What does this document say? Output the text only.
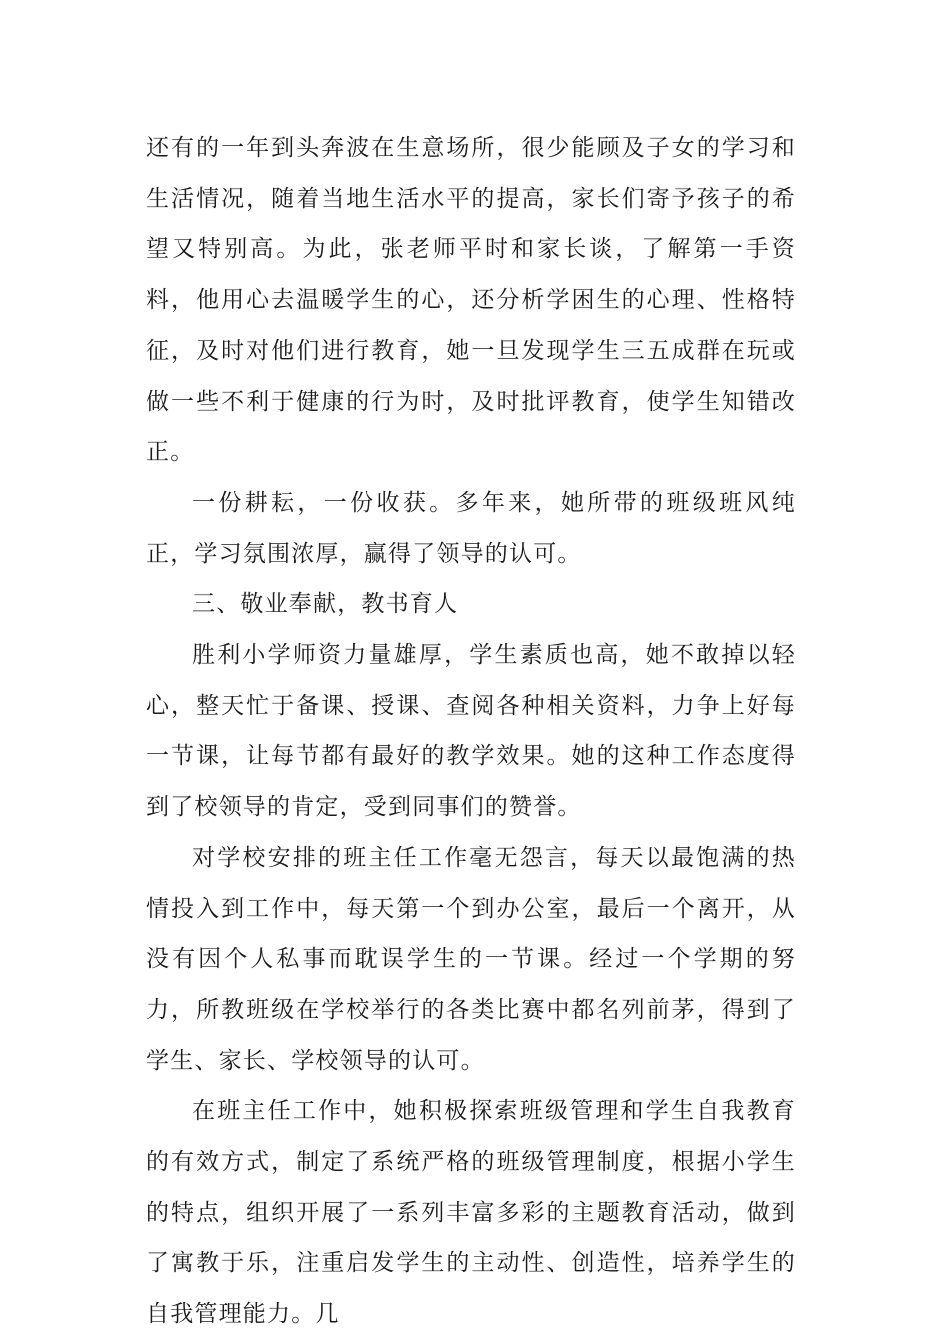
还有的一年到头奔波在生意场所，很少能顾及子女的学习和生活情况，随着当地生活水平的提高，家长们寄予孩子的希望又特别高。为此，张老师平时和家长谈，了解第一手资料，他用心去温暖学生的心，还分析学困生的心理、性格特征，及时对他们进行教育，她一旦发现学生三五成群在玩或做一些不利于健康的行为时，及时批评教育，使学生知错改正。

一份耕耘，一份收获。多年来，她所带的班级班风纯正，学习氛围浓厚，赢得了领导的认可。

三、敬业奉献，教书育人

胜利小学师资力量雄厚，学生素质也高，她不敢掉以轻心，整天忙于备课、授课、查阅各种相关资料，力争上好每一节课，让每节都有最好的教学效果。她的这种工作态度得到了校领导的肯定，受到同事们的赞誉。

对学校安排的班主任工作毫无怨言，每天以最饱满的热情投入到工作中，每天第一个到办公室，最后一个离开，从没有因个人私事而耽误学生的一节课。经过一个学期的努力，所教班级在学校举行的各类比赛中都名列前茅，得到了学生、家长、学校领导的认可。

在班主任工作中，她积极探索班级管理和学生自我教育的有效方式，制定了系统严格的班级管理制度，根据小学生的特点，组织开展了一系列丰富多彩的主题教育活动，做到了寓教于乐，注重启发学生的主动性、创造性，培养学生的自我管理能力。几
